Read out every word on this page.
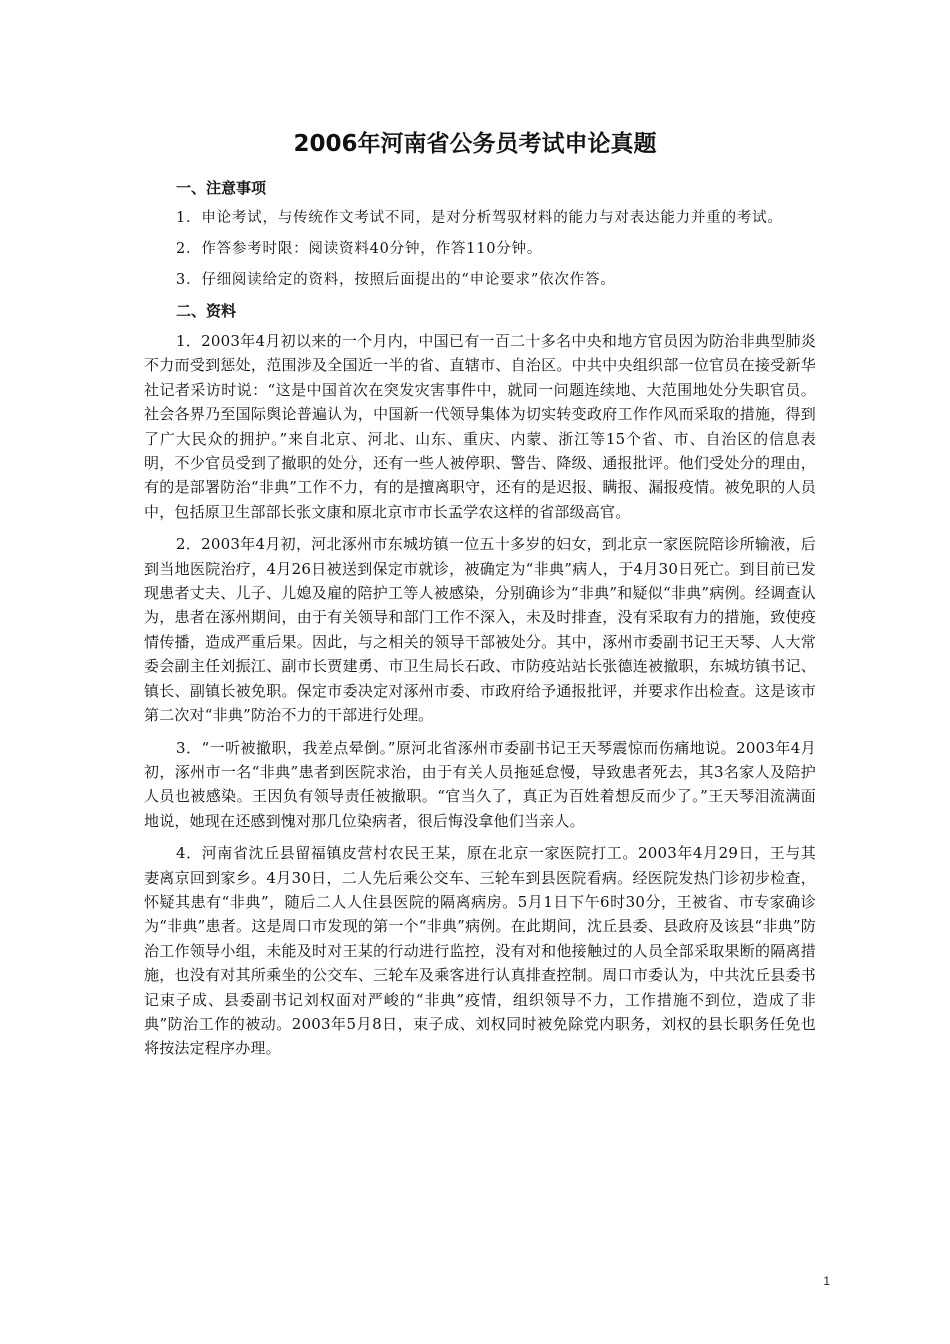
2006年河南省公务员考试申论真题

一、注意事项

1．申论考试，与传统作文考试不同，是对分析驾驭材料的能力与对表达能力并重的考试。

2．作答参考时限：阅读资料40分钟，作答110分钟。

3．仔细阅读给定的资料，按照后面提出的“申论要求”依次作答。

二、资料

1．2003年4月初以来的一个月内，中国已有一百二十多名中央和地方官员因为防治非典型肺炎不力而受到惩处，范围涉及全国近一半的省、直辖市、自治区。中共中央组织部一位官员在接受新华社记者采访时说：“这是中国首次在突发灾害事件中，就同一问题连续地、大范围地处分失职官员。社会各界乃至国际舆论普遍认为，中国新一代领导集体为切实转变政府工作作风而采取的措施，得到了广大民众的拥护。”来自北京、河北、山东、重庆、内蒙、浙江等15个省、市、自治区的信息表明，不少官员受到了撤职的处分，还有一些人被停职、警告、降级、通报批评。他们受处分的理由，有的是部署防治“非典”工作不力，有的是擅离职守，还有的是迟报、瞒报、漏报疫情。被免职的人员中，包括原卫生部部长张文康和原北京市市长孟学农这样的省部级高官。

2．2003年4月初，河北涿州市东城坊镇一位五十多岁的妇女，到北京一家医院陪诊所输液，后到当地医院治疗，4月26日被送到保定市就诊，被确定为“非典”病人，于4月30日死亡。到目前已发现患者丈夫、儿子、儿媳及雇的陪护工等人被感染，分别确诊为“非典”和疑似“非典”病例。经调查认为，患者在涿州期间，由于有关领导和部门工作不深入，未及时排查，没有采取有力的措施，致使疫情传播，造成严重后果。因此，与之相关的领导干部被处分。其中，涿州市委副书记王天琴、人大常委会副主任刘振江、副市长贾建勇、市卫生局长石政、市防疫站站长张德连被撤职，东城坊镇书记、镇长、副镇长被免职。保定市委决定对涿州市委、市政府给予通报批评，并要求作出检查。这是该市第二次对“非典”防治不力的干部进行处理。

3．“一听被撤职，我差点晕倒。”原河北省涿州市委副书记王天琴震惊而伤痛地说。2003年4月初，涿州市一名“非典”患者到医院求治，由于有关人员拖延怠慢，导致患者死去，其3名家人及陪护人员也被感染。王因负有领导责任被撤职。“官当久了，真正为百姓着想反而少了。”王天琴泪流满面地说，她现在还感到愧对那几位染病者，很后悔没拿他们当亲人。

4．河南省沈丘县留福镇皮营村农民王某，原在北京一家医院打工。2003年4月29日，王与其妻离京回到家乡。4月30日，二人先后乘公交车、三轮车到县医院看病。经医院发热门诊初步检查，怀疑其患有“非典”，随后二人人住县医院的隔离病房。5月1日下午6时30分，王被省、市专家确诊为“非典”患者。这是周口市发现的第一个“非典”病例。在此期间，沈丘县委、县政府及该县“非典”防治工作领导小组，未能及时对王某的行动进行监控，没有对和他接触过的人员全部采取果断的隔离措施，也没有对其所乘坐的公交车、三轮车及乘客进行认真排查控制。周口市委认为，中共沈丘县委书记束子成、县委副书记刘权面对严峻的“非典”疫情，组织领导不力，工作措施不到位，造成了非典”防治工作的被动。2003年5月8日，束子成、刘权同时被免除党内职务，刘权的县长职务任免也将按法定程序办理。

1
